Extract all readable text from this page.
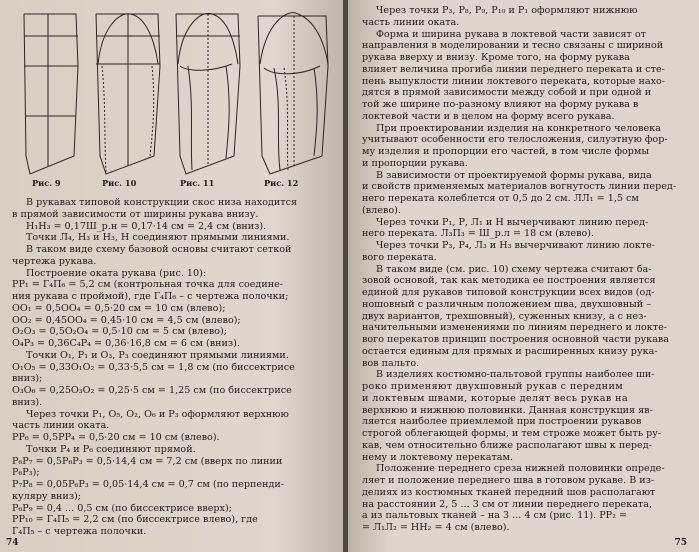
Рис. 9	Рис. 10	Рис. 11	Рис. 12

В рукавах типовой конструкции скос низа находится

в прямой зависимости от ширины рукава внизу.

Н₁Н₃ = 0,17Ш_р.н = 0,17·14 см = 2,4 см (вниз).

Точки Л₄, Н₃ и Н₃, Н соединяют прямыми линиями.

В таком виде схему базовой основы считают сеткой

чертежа рукава.

Построение оката рукава (рис. 10):

РР₁ = Г₄П₆ = 5,2 см (контрольная точка для соедине-

ния рукава с проймой), где Г₄П₆ – с чертежа полочки;

ОО₁ = 0,5ОО₄ = 0,5·20 см = 10 см (влево);

ОО₂ = 0,45ОО₄ = 0,45·10 см = 4,5 см (влево);

О₂О₃ = 0,5О₂О₄ = 0,5·10 см = 5 см (влево);

О₄Р₃ = 0,36С₄Р₄ = 0,36·16,8 см = 6 см (вниз).

Точки О₁, Р₁ и О₃, Р₃ соединяют прямыми линиями.

О₁О₅ = 0,33О₁О₂ = 0,33·5,5 см = 1,8 см (по биссектрисе

вниз);

О₃О₆ = 0,25О₃О₂ = 0,25·5 см = 1,25 см (по биссектрисе

вниз).

Через точки Р₁, О₅, О₂, О₆ и Р₃ оформляют верхнюю

часть линии оката.

РР₆ = 0,5РР₄ = 0,5·20 см = 10 см (влево).

Точки Р₄ и Р₆ соединяют прямой.

Р₆Р₇ = 0,5Р₆Р₃ = 0,5·14,4 см = 7,2 см (вверх по линии

Р₆Р₃);

Р₇Р₈ = 0,05Р₆Р₃ = 0,05·14,4 см = 0,7 см (по перпенди-

куляру вниз);

Р₆Р₉ = 0,4 ... 0,5 см (по биссектрисе вверх);

РР₁₀ = Г₄П₅ = 2,2 см (по биссектрисе влево), где

Г₄П₅ – с чертежа полочки.

74

Через точки Р₃, Р₈, Р₉, Р₁₀ и Р₁ оформляют нижнюю

часть линии оката.

Форма и ширина рукава в локтевой части зависят от

направления в моделировании и тесно связаны с шириной

рукава вверху и внизу. Кроме того, на форму рукава

влияет величина прогиба линии переднего переката и сте-

пень выпуклости линии локтевого переката, которые нахо-

дятся в прямой зависимости между собой и при одной и

той же ширине по-разному влияют на форму рукава в

локтевой части и в целом на форму всего рукава.

При проектировании изделия на конкретного человека

учитывают особенности его телосложения, силуэтную фор-

му изделия и пропорции его частей, в том числе формы

и пропорции рукава.

В зависимости от проектируемой формы рукава, вида

и свойств применяемых материалов вогнутость линии перед-

него переката колеблется от 0,5 до 2 см. ЛЛ₁ = 1,5 см

(влево).

Через точки Р₁, Р, Л₁ и Н вычерчивают линию перед-

него переката. Л₃П₃ = Ш_р.л = 18 см (влево).

Через точки Р₃, Р₄, Л₃ и Н₃ вычерчивают линию локте-

вого переката.

В таком виде (см. рис. 10) схему чертежа считают ба-

зовой основой, так как методика ее построения является

единой для рукавов типовой конструкции всех видов (од-

ношовный с различным положением шва, двухшовный –

двух вариантов, трехшовный), суженных книзу, а с нез-

начительными изменениями по линиям переднего и локте-

вого перекатов принцип построения основной части рукава

остается единым для прямых и расширенных книзу рука-

вов пальто.

В изделиях костюмно-пальтовой группы наиболее ши-

роко применяют двухшовный рукав с передним

и локтевым швами, которые делят весь рукав на

верхнюю и нижнюю половинки. Данная конструкция яв-

ляется наиболее приемлемой при построении рукавов

строгой облегающей формы, и тем строже может быть ру-

кав, чем относительно ближе располагают швы к перед-

нему и локтевому перекатам.

Положение переднего среза нижней половинки опреде-

ляет и положение переднего шва в готовом рукаве. В из-

делиях из костюмных тканей передний шов располагают

на расстоянии 2, 5 ... 3 см от линии переднего переката,

а из пальтовых тканей – на 3 ... 4 см (рис. 11). РР₂ =

= Л₁Л₂ = НН₂ = 4 см (влево).

75
